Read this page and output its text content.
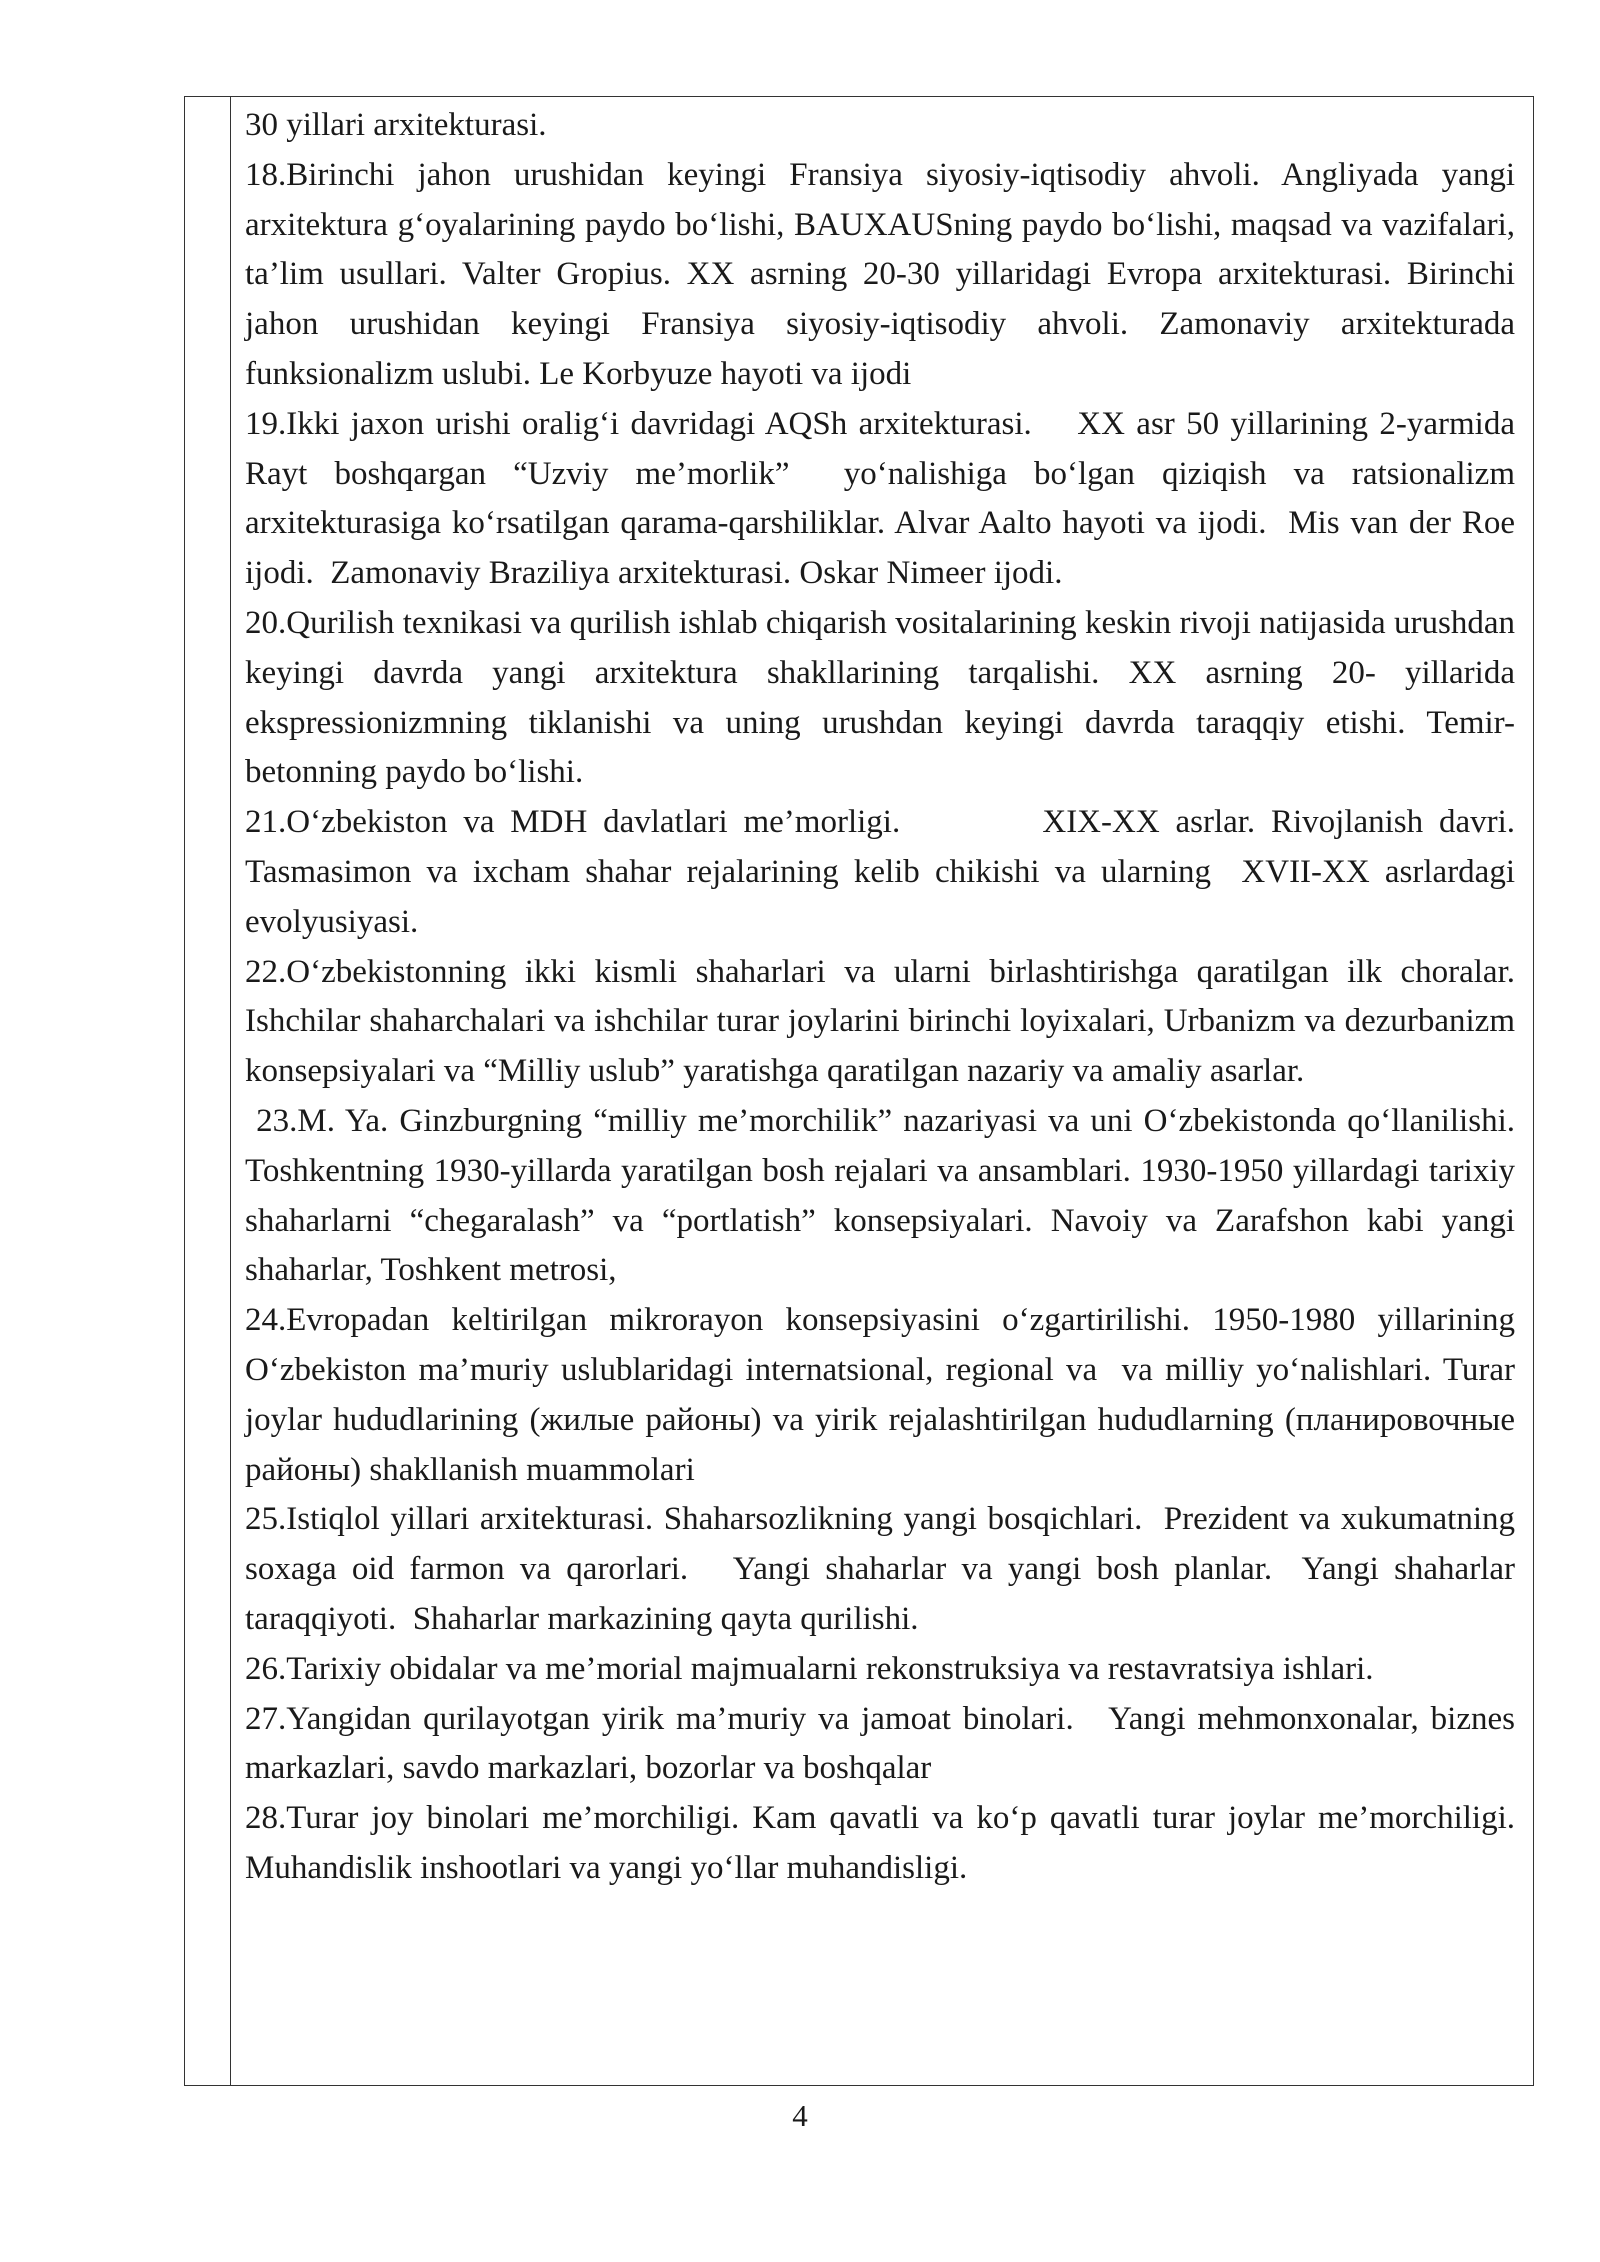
30 yillari arxitekturasi.

18.Birinchi jahon urushidan keyingi Fransiya siyosiy-iqtisodiy ahvoli. Angliyada yangi arxitektura g‘oyalarining paydo bo‘lishi, BAUXAUSning paydo bo‘lishi, maqsad va vazifalari, ta’lim usullari. Valter Gropius. XX asrning 20-30 yillaridagi Evropa arxitekturasi. Birinchi jahon urushidan keyingi Fransiya siyosiy-iqtisodiy ahvoli. Zamonaviy arxitekturada funksionalizm uslubi. Le Korbyuze hayoti va ijodi

19.Ikki jaxon urishi oralig‘i davridagi AQSh arxitekturasi.    XX asr 50 yillarining 2-yarmida Rayt boshqargan “Uzviy me’morlik”  yo‘nalishiga bo‘lgan qiziqish va ratsionalizm arxitekturasiga ko‘rsatilgan qarama-qarshiliklar. Alvar Aalto hayoti va ijodi.  Mis van der Roe ijodi.  Zamonaviy Braziliya arxitekturasi. Oskar Nimeer ijodi.

20.Qurilish texnikasi va qurilish ishlab chiqarish vositalarining keskin rivoji natijasida urushdan keyingi davrda yangi arxitektura shakllarining tarqalishi. XX asrning 20- yillarida ekspressionizmning tiklanishi va uning urushdan keyingi davrda taraqqiy etishi. Temir-betonning paydo bo‘lishi.

21.O‘zbekiston va MDH davlatlari me’morligi.         XIX-XX asrlar. Rivojlanish davri. Tasmasimon va ixcham shahar rejalarining kelib chikishi va ularning  XVII-XX asrlardagi evolyusiyasi.

22.O‘zbekistonning ikki kismli shaharlari va ularni birlashtirishga qaratilgan ilk choralar. Ishchilar shaharchalari va ishchilar turar joylarini birinchi loyixalari, Urbanizm va dezurbanizm konsepsiyalari va “Milliy uslub” yaratishga qaratilgan nazariy va amaliy asarlar.

23.M. Ya. Ginzburgning “milliy me’morchilik” nazariyasi va uni O‘zbekistonda qo‘llanilishi. Toshkentning 1930-yillarda yaratilgan bosh rejalari va ansamblari. 1930-1950 yillardagi tarixiy shaharlarni “chegaralash” va “portlatish” konsepsiyalari. Navoiy va Zarafshon kabi yangi shaharlar, Toshkent metrosi,

24.Evropadan keltirilgan mikrorayon konsepsiyasini o‘zgartirilishi. 1950-1980 yillarining O‘zbekiston ma’muriy uslublaridagi internatsional, regional va  va milliy yo‘nalishlari. Turar joylar hududlarining (жилые районы) va yirik rejalashtirilgan hududlarning (планировочные районы) shakllanish muammolari

25.Istiqlol yillari arxitekturasi. Shaharsozlikning yangi bosqichlari.  Prezident va xukumatning soxaga oid farmon va qarorlari.   Yangi shaharlar va yangi bosh planlar.  Yangi shaharlar taraqqiyoti.  Shaharlar markazining qayta qurilishi.

26.Tarixiy obidalar va me’morial majmualarni rekonstruksiya va restavratsiya ishlari.

27.Yangidan qurilayotgan yirik ma’muriy va jamoat binolari.   Yangi mehmonxonalar, biznes markazlari, savdo markazlari, bozorlar va boshqalar

28.Turar joy binolari me’morchiligi. Kam qavatli va ko‘p qavatli turar joylar me’morchiligi. Muhandislik inshootlari va yangi yo‘llar muhandisligi.

4
